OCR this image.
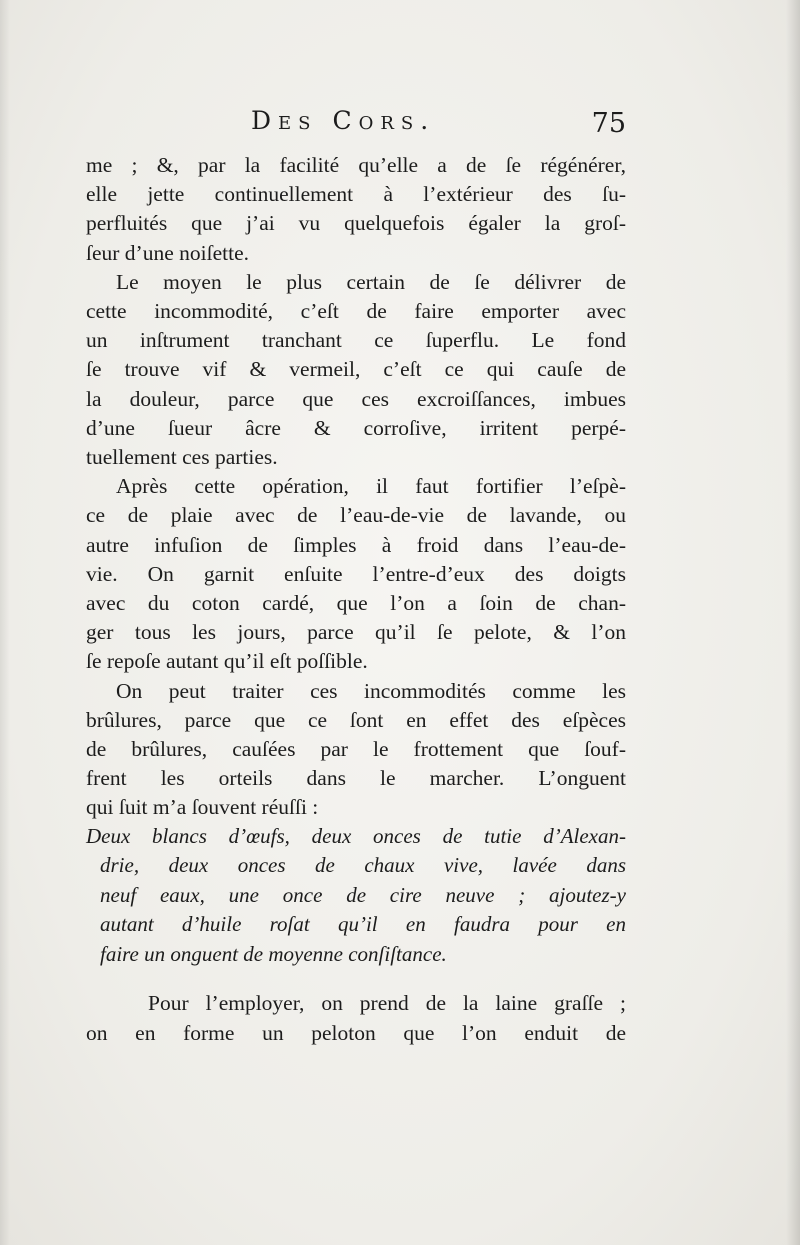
Des Cors.	75
me ; &, par la facilité qu’elle a de ſe régénérer,
elle jette continuellement à l’extérieur des ſu-
perfluités que j’ai vu quelquefois égaler la groſ-
ſeur d’une noiſette.
Le moyen le plus certain de ſe délivrer de
cette incommodité, c’eſt de faire emporter avec
un inſtrument tranchant ce ſuperflu. Le fond
ſe trouve vif & vermeil, c’eſt ce qui cauſe de
la douleur, parce que ces excroiſſances, imbues
d’une ſueur âcre & corroſive, irritent perpé-
tuellement ces parties.
Après cette opération, il faut fortifier l’eſpè-
ce de plaie avec de l’eau-de-vie de lavande, ou
autre infuſion de ſimples à froid dans l’eau-de-
vie. On garnit enſuite l’entre-d’eux des doigts
avec du coton cardé, que l’on a ſoin de chan-
ger tous les jours, parce qu’il ſe pelote, & l’on
ſe repoſe autant qu’il eſt poſſible.
On peut traiter ces incommodités comme les
brûlures, parce que ce ſont en effet des eſpèces
de brûlures, cauſées par le frottement que ſouf-
frent les orteils dans le marcher. L’onguent
qui ſuit m’a ſouvent réuſſi :
Deux blancs d’œufs, deux onces de tutie d’Alexan-
drie, deux onces de chaux vive, lavée dans
neuf eaux, une once de cire neuve ; ajoutez-y
autant d’huile roſat qu’il en faudra pour en
faire un onguent de moyenne conſiſtance.
Pour l’employer, on prend de la laine graſſe ;
on en forme un peloton que l’on enduit de
